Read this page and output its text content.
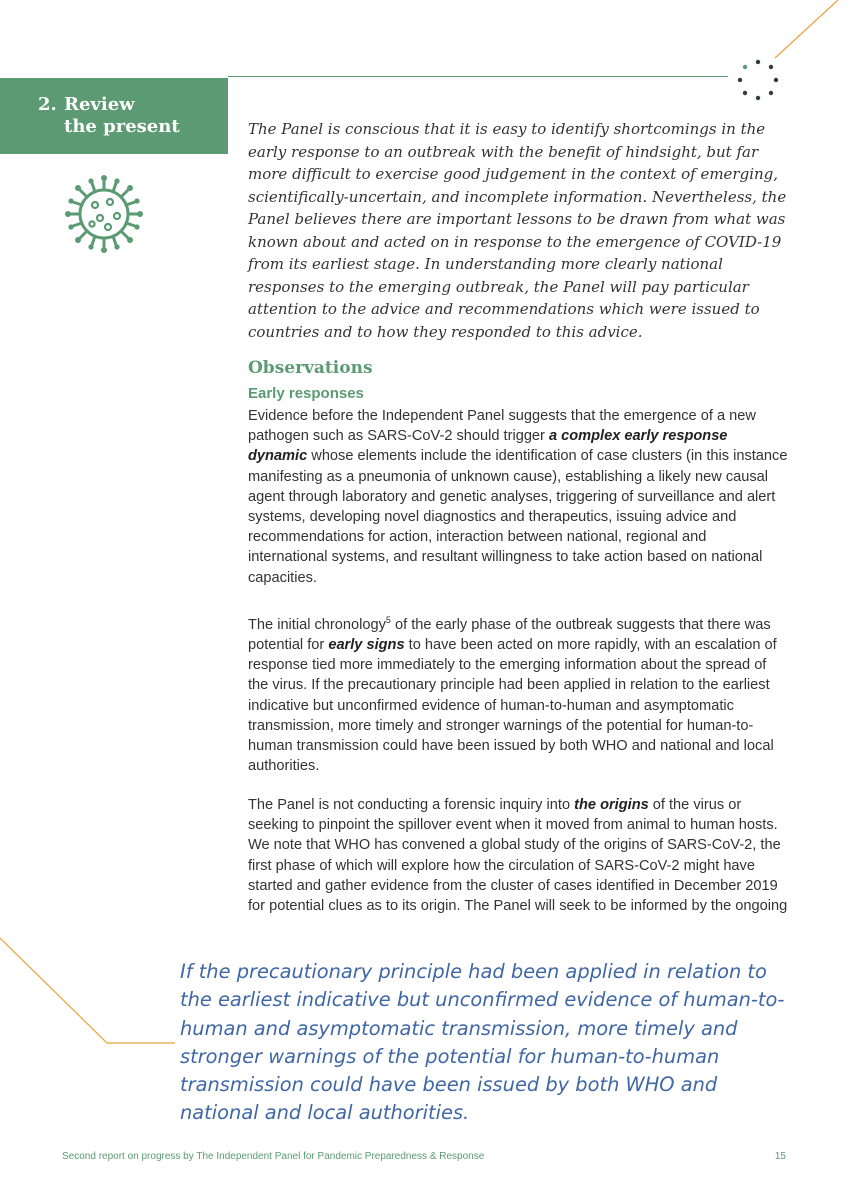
2. Review
the present	The Panel is conscious that it is easy to identify shortcomings in the early response to an outbreak with the benefit of hindsight, but far more difficult to exercise good judgement in the context of emerging, scientifically-uncertain, and incomplete information. Nevertheless, the Panel believes there are important lessons to be drawn from what was known about and acted on in response to the emergence of COVID-19 from its earliest stage. In understanding more clearly national responses to the emerging outbreak, the Panel will pay particular attention to the advice and recommendations which were issued to countries and to how they responded to this advice.
Observations
Early responses
Evidence before the Independent Panel suggests that the emergence of a new pathogen such as SARS-CoV-2 should trigger a complex early response dynamic whose elements include the identification of case clusters (in this instance manifesting as a pneumonia of unknown cause), establishing a likely new causal agent through laboratory and genetic analyses, triggering of surveillance and alert systems, developing novel diagnostics and therapeutics, issuing advice and recommendations for action, interaction between national, regional and international systems, and resultant willingness to take action based on national capacities.
The initial chronology$^5$ of the early phase of the outbreak suggests that there was potential for early signs to have been acted on more rapidly, with an escalation of response tied more immediately to the emerging information about the spread of the virus. If the precautionary principle had been applied in relation to the earliest indicative but unconfirmed evidence of human-to-human and asymptomatic transmission, more timely and stronger warnings of the potential for human-to-human transmission could have been issued by both WHO and national and local authorities.
The Panel is not conducting a forensic inquiry into the origins of the virus or seeking to pinpoint the spillover event when it moved from animal to human hosts. We note that WHO has convened a global study of the origins of SARS-CoV-2, the first phase of which will explore how the circulation of SARS-CoV-2 might have started and gather evidence from the cluster of cases identified in December 2019 for potential clues as to its origin. The Panel will seek to be informed by the ongoing
If the precautionary principle had been applied in relation to the earliest indicative but unconfirmed evidence of human-to-human and asymptomatic transmission, more timely and stronger warnings of the potential for human-to-human transmission could have been issued by both WHO and national and local authorities.
Second report on progress by The Independent Panel for Pandemic Preparedness & Response	15
